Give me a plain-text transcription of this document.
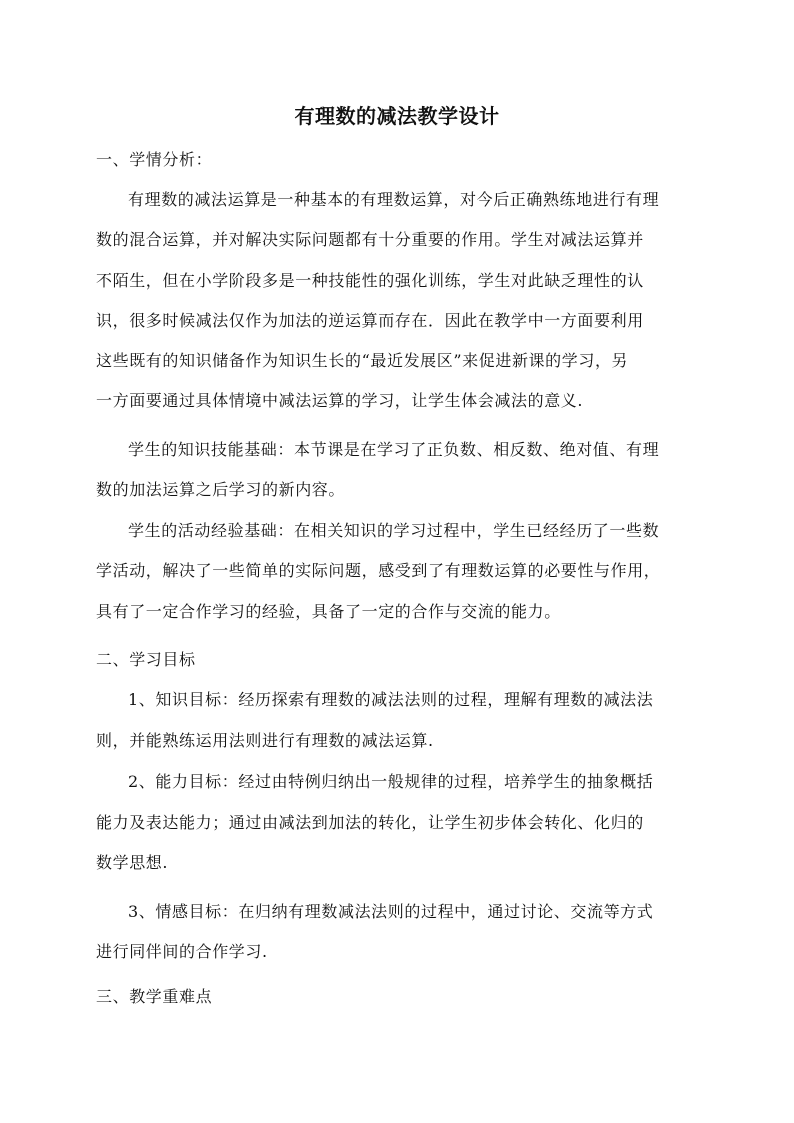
有理数的减法教学设计
一、学情分析：
有理数的减法运算是一种基本的有理数运算，对今后正确熟练地进行有理
数的混合运算，并对解决实际问题都有十分重要的作用。学生对减法运算并
不陌生，但在小学阶段多是一种技能性的强化训练，学生对此缺乏理性的认
识，很多时候减法仅作为加法的逆运算而存在．因此在教学中一方面要利用
这些既有的知识储备作为知识生长的“最近发展区”来促进新课的学习，另
一方面要通过具体情境中减法运算的学习，让学生体会减法的意义.
学生的知识技能基础：本节课是在学习了正负数、相反数、绝对值、有理
数的加法运算之后学习的新内容。
学生的活动经验基础：在相关知识的学习过程中，学生已经经历了一些数
学活动，解决了一些简单的实际问题，感受到了有理数运算的必要性与作用，
具有了一定合作学习的经验，具备了一定的合作与交流的能力。
二、学习目标
1、知识目标：经历探索有理数的减法法则的过程，理解有理数的减法法
则，并能熟练运用法则进行有理数的减法运算.
2、能力目标：经过由特例归纳出一般规律的过程，培养学生的抽象概括
能力及表达能力；通过由减法到加法的转化，让学生初步体会转化、化归的
数学思想.
3、情感目标：在归纳有理数减法法则的过程中，通过讨论、交流等方式
进行同伴间的合作学习.
三、教学重难点
